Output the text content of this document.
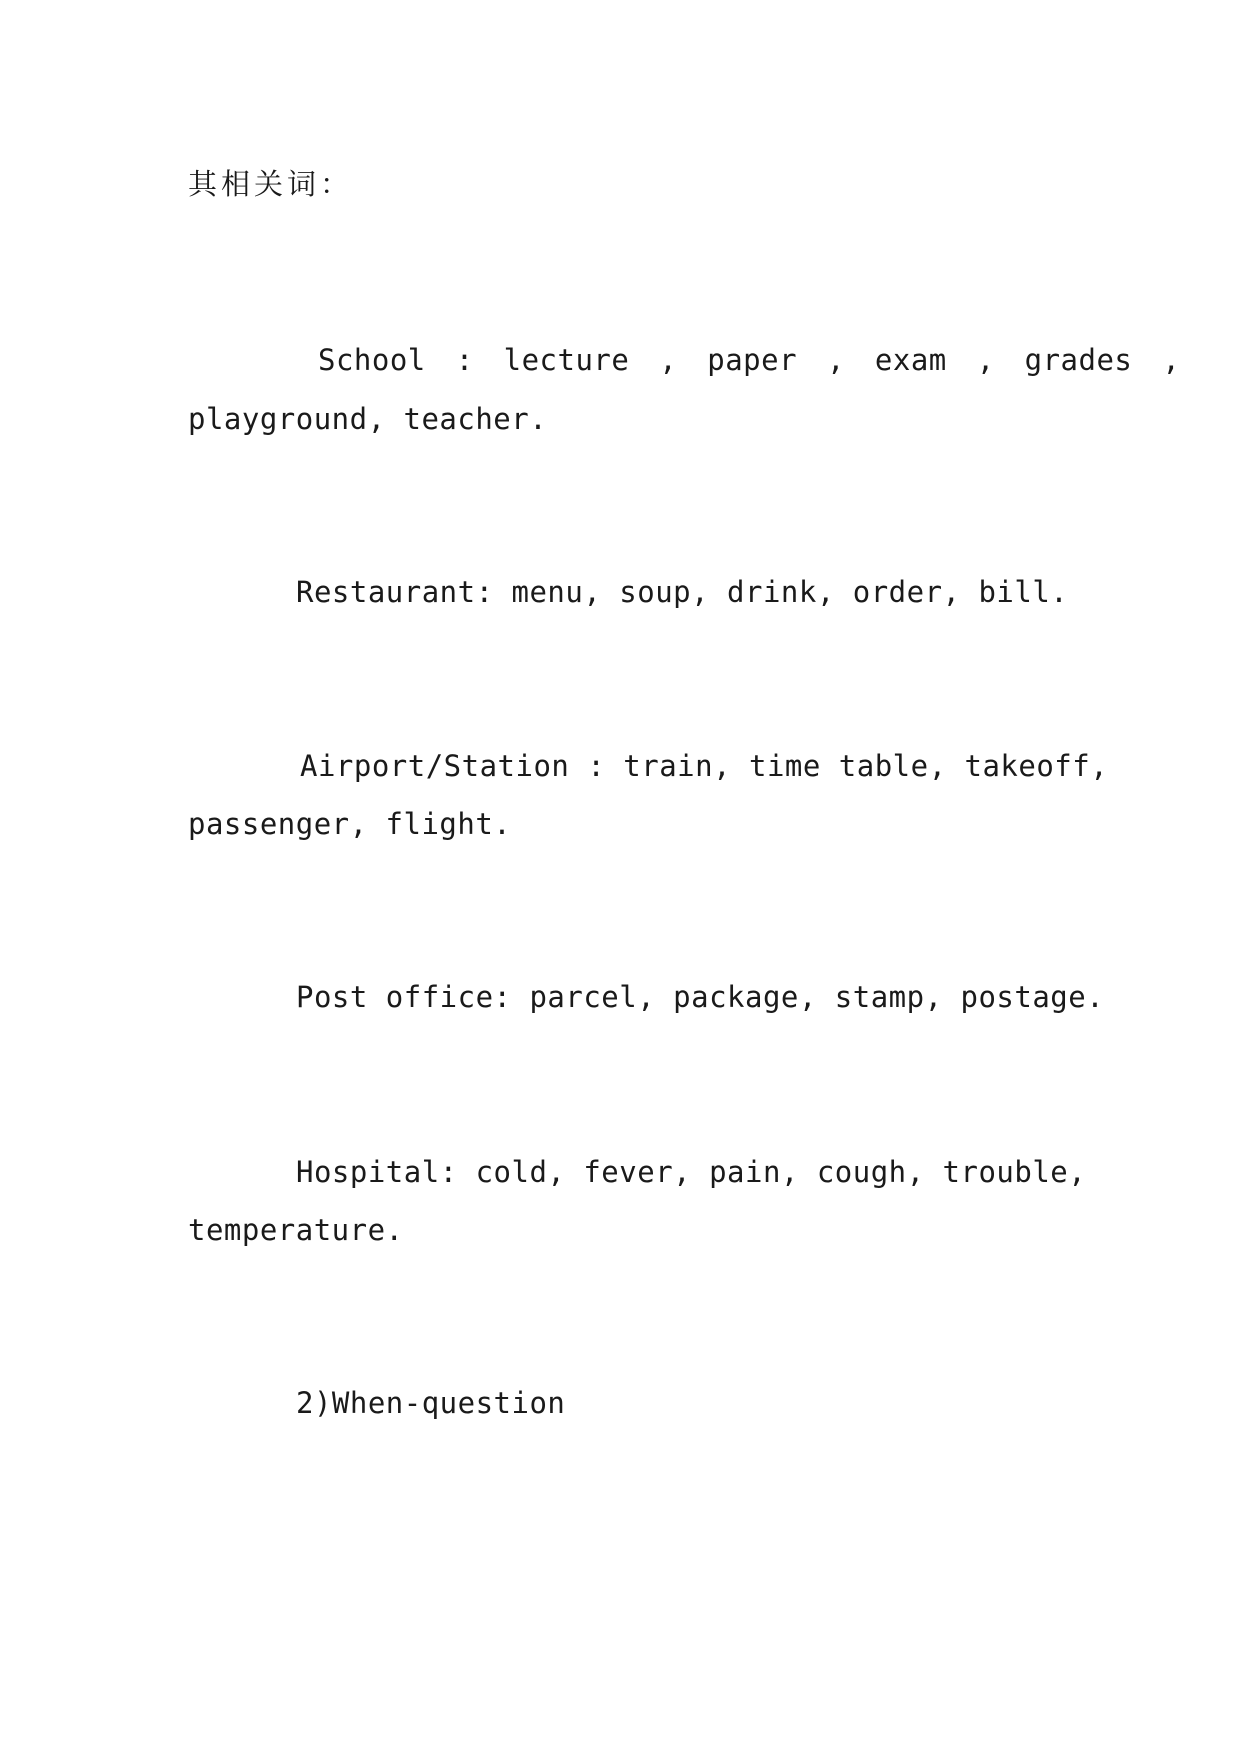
其相关词：
School : lecture , paper , exam , grades ,
playground, teacher.
Restaurant: menu, soup, drink, order, bill.
Airport/Station : train, time table, takeoff,
passenger, flight.
Post office: parcel, package, stamp, postage.
Hospital: cold, fever, pain, cough, trouble,
temperature.
2)When-question
